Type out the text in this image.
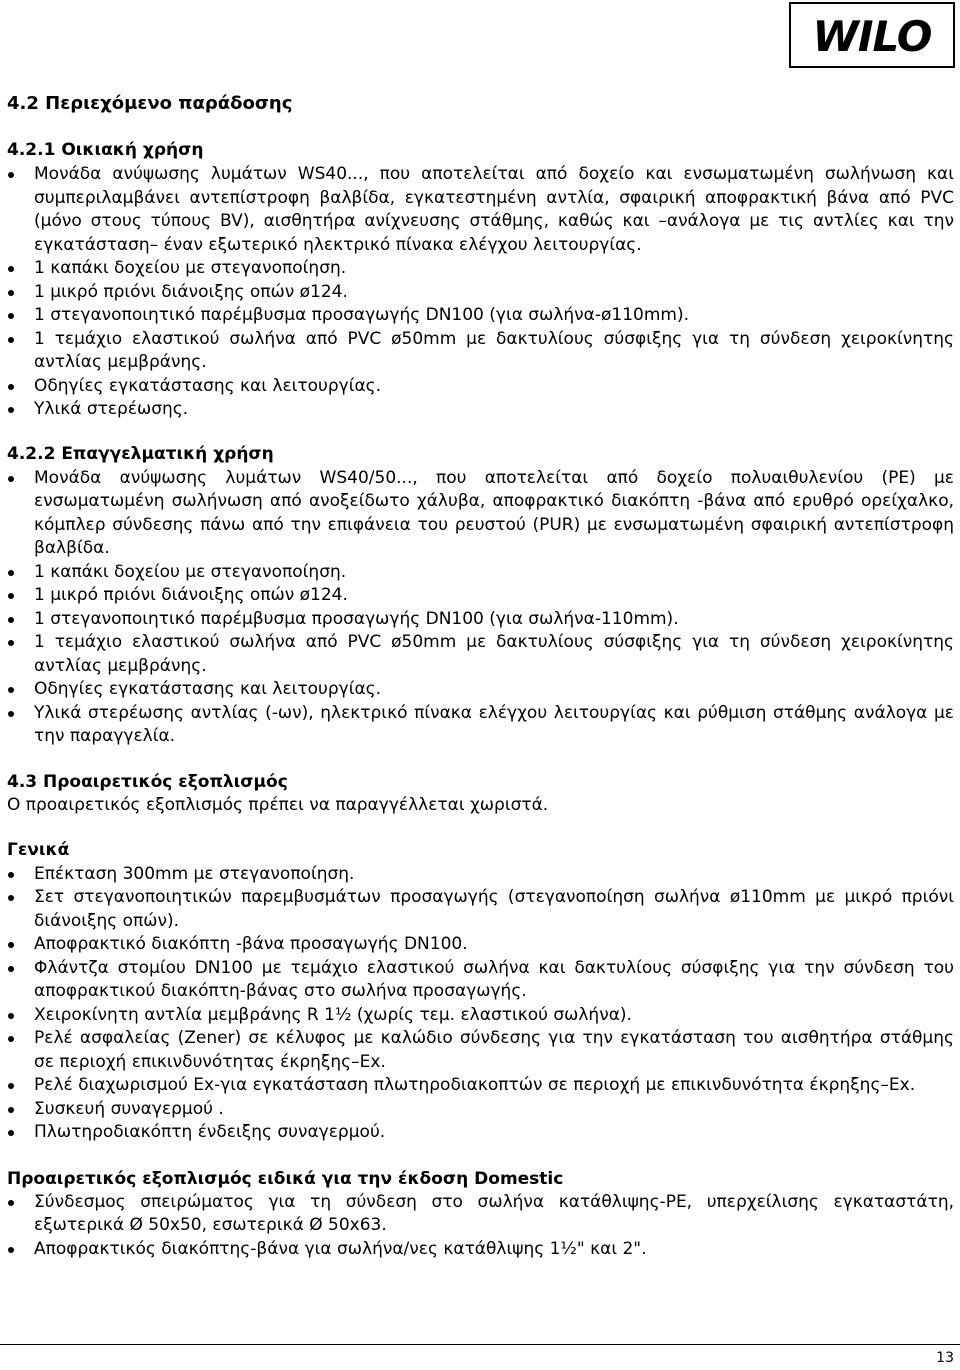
WILO
4.2 Περιεχόμενο παράδοσης
4.2.1 Οικιακή χρήση
Μονάδα ανύψωσης λυμάτων WS40..., που αποτελείται από δοχείο και ενσωματωμένη σωλήνωση και συμπεριλαμβάνει αντεπίστροφη βαλβίδα, εγκατεστημένη αντλία, σφαιρική αποφρακτική βάνα από PVC (μόνο στους τύπους BV), αισθητήρα ανίχνευσης στάθμης, καθώς και –ανάλογα με τις αντλίες και την εγκατάσταση– έναν εξωτερικό ηλεκτρικό πίνακα ελέγχου λειτουργίας.
1 καπάκι δοχείου με στεγανοποίηση.
1 μικρό πριόνι διάνοιξης οπών ø124.
1 στεγανοποιητικό παρέμβυσμα προσαγωγής DN100 (για σωλήνα-ø110mm).
1 τεμάχιο ελαστικού σωλήνα από PVC ø50mm με δακτυλίους σύσφιξης για τη σύνδεση χειροκίνητης αντλίας μεμβράνης.
Οδηγίες εγκατάστασης και λειτουργίας.
Υλικά στερέωσης.
4.2.2 Επαγγελματική χρήση
Μονάδα ανύψωσης λυμάτων WS40/50..., που αποτελείται από δοχείο πολυαιθυλενίου (PE) με ενσωματωμένη σωλήνωση από ανοξείδωτο χάλυβα, αποφρακτικό διακόπτη -βάνα από ερυθρό ορείχαλκο, κόμπλερ σύνδεσης πάνω από την επιφάνεια του ρευστού (PUR) με ενσωματωμένη σφαιρική αντεπίστροφη βαλβίδα.
1 καπάκι δοχείου με στεγανοποίηση.
1 μικρό πριόνι διάνοιξης οπών ø124.
1 στεγανοποιητικό παρέμβυσμα προσαγωγής DN100 (για σωλήνα-110mm).
1 τεμάχιο ελαστικού σωλήνα από PVC ø50mm με δακτυλίους σύσφιξης για τη σύνδεση χειροκίνητης αντλίας μεμβράνης.
Οδηγίες εγκατάστασης και λειτουργίας.
Υλικά στερέωσης αντλίας (-ων), ηλεκτρικό πίνακα ελέγχου λειτουργίας και ρύθμιση στάθμης ανάλογα με την παραγγελία.
4.3 Προαιρετικός εξοπλισμός
Ο προαιρετικός εξοπλισμός πρέπει να παραγγέλλεται χωριστά.
Γενικά
Επέκταση 300mm με στεγανοποίηση.
Σετ στεγανοποιητικών παρεμβυσμάτων προσαγωγής (στεγανοποίηση σωλήνα ø110mm με μικρό πριόνι διάνοιξης οπών).
Αποφρακτικό διακόπτη -βάνα προσαγωγής DN100.
Φλάντζα στομίου DN100 με τεμάχιο ελαστικού σωλήνα και δακτυλίους σύσφιξης για την σύνδεση του αποφρακτικού διακόπτη-βάνας στο σωλήνα προσαγωγής.
Χειροκίνητη αντλία μεμβράνης R 1½ (χωρίς τεμ. ελαστικού σωλήνα).
Ρελέ ασφαλείας (Zener) σε κέλυφος με καλώδιο σύνδεσης για την εγκατάσταση του αισθητήρα στάθμης σε περιοχή επικινδυνότητας έκρηξης–Ex.
Ρελέ διαχωρισμού Ex-για εγκατάσταση πλωτηροδιακοπτών σε περιοχή με επικινδυνότητα έκρηξης–Ex.
Συσκευή συναγερμού .
Πλωτηροδιακόπτη ένδειξης συναγερμού.
Προαιρετικός εξοπλισμός ειδικά για την έκδοση Domestic
Σύνδεσμος σπειρώματος για τη σύνδεση στο σωλήνα κατάθλιψης-PE, υπερχείλισης εγκαταστάτη, εξωτερικά Ø 50x50, εσωτερικά Ø 50x63.
Αποφρακτικός διακόπτης-βάνα για σωλήνα/νες κατάθλιψης 1½" και 2".
13
